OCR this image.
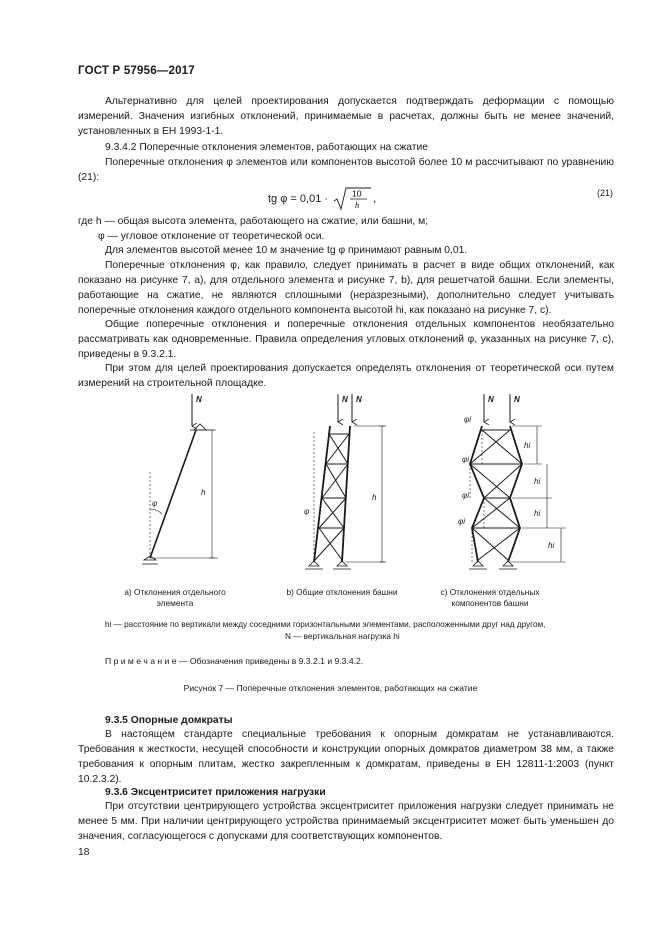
ГОСТ Р 57956—2017

Альтернативно для целей проектирования допускается подтверждать деформации с помощью измерений. Значения изгибных отклонений, принимаемые в расчетах, должны быть не менее значений, установленных в ЕН 1993-1-1.

9.3.4.2 Поперечные отклонения элементов, работающих на сжатие

Поперечные отклонения φ элементов или компонентов высотой более 10 м рассчитывают по уравнению (21):

tg φ = 0,01 ·	10
h
,	(21)
где h — общая высота элемента, работающего на сжатие, или башни, м;
φ — угловое отклонение от теоретической оси.
Для элементов высотой менее 10 м значение tg φ принимают равным 0,01.

Поперечные отклонения φ, как правило, следует принимать в расчет в виде общих отклонений, как показано на рисунке 7, а), для отдельного элемента и рисунке 7, b), для решетчатой башни. Если элементы, работающие на сжатие, не являются сплошными (неразрезными), дополнительно следует учитывать поперечные отклонения каждого отдельного компонента высотой hi, как показано на рисунке 7, с).

Общие поперечные отклонения и поперечные отклонения отдельных компонентов необязательно рассматривать как одновременные. Правила определения угловых отклонений φ, указанных на рисунке 7, с), приведены в 9.3.2.1.

При этом для целей проектирования допускается определять отклонения от теоретической оси путем измерений на строительной площадке.

N
h
φ
N N
h
φ
N	N
φi
φi
φi
φi
hi
hi
hi
hi
а) Отклонения отдельного
элемента
b) Общие отклонения башни	с) Отклонения отдельных
компонентов башни
hi — расстояние по вертикали между соседними горизонтальными элементами, расположенными друг над другом,
N — вертикальная нагрузка hi
П р и м е ч а н и е — Обозначения приведены в 9.3.2.1 и 9.3.4.2.
Рисунок 7 — Поперечные отклонения элементов, работающих на сжатие
9.3.5 Опорные домкраты

В настоящем стандарте специальные требования к опорным домкратам не устанавливаются. Требования к жесткости, несущей способности и конструкции опорных домкратов диаметром 38 мм, а также требования к опорным плитам, жестко закрепленным к домкратам, приведены в ЕН 12811-1:2003 (пункт 10.2.3.2).

9.3.6 Эксцентриситет приложения нагрузки

При отсутствии центрирующего устройства эксцентриситет приложения нагрузки следует принимать не менее 5 мм. При наличии центрирующего устройства принимаемый эксцентриситет может быть уменьшен до значения, согласующегося с допусками для соответствующих компонентов.

18
